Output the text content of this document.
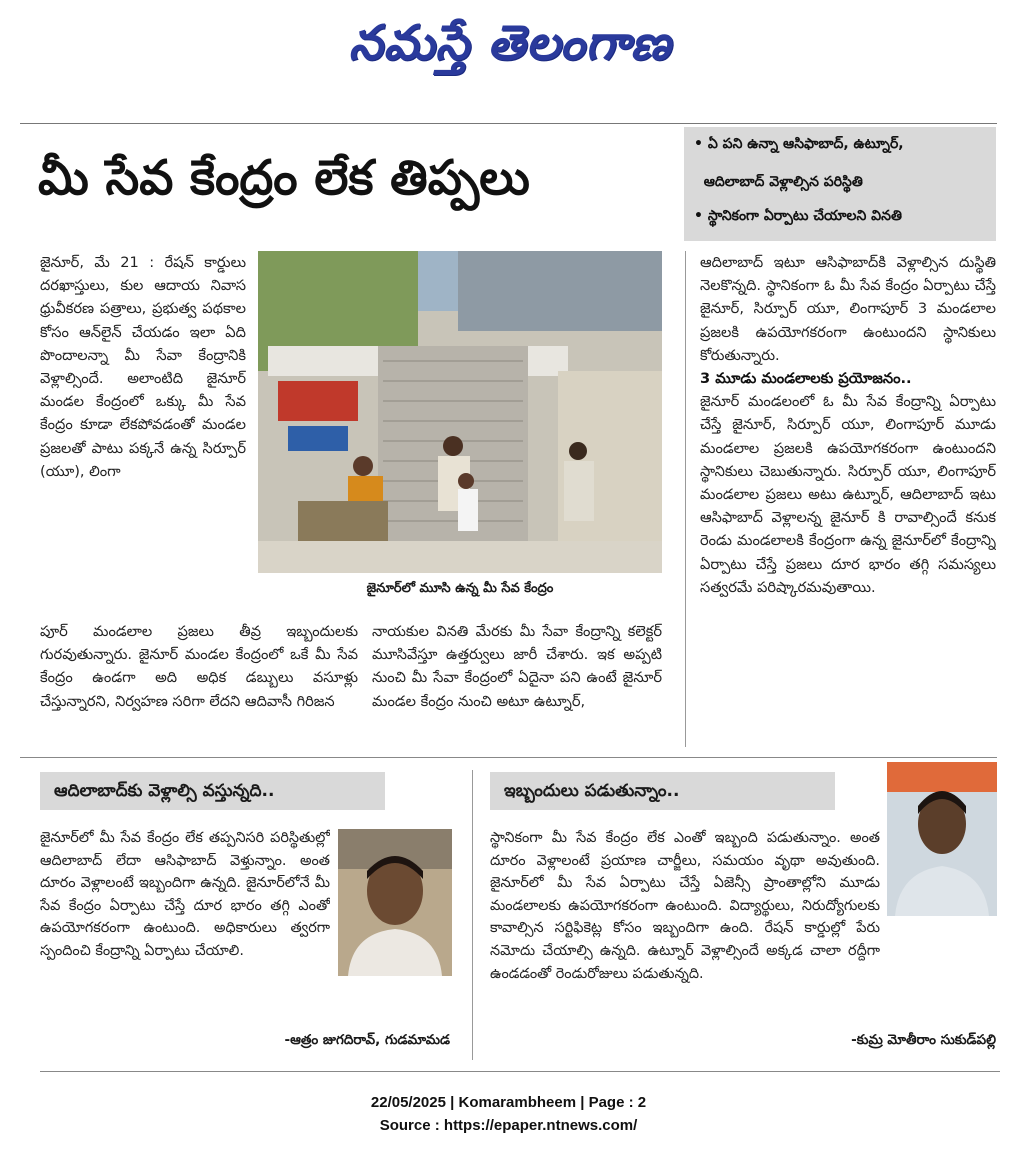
నమస్తే తెలంగాణ
మీ సేవ కేంద్రం లేక తిప్పలు
• ఏ పని ఉన్నా ఆసిఫాబాద్, ఉట్నూర్,
ఆదిలాబాద్ వెళ్లాల్సిన పరిస్థితి
• స్థానికంగా ఏర్పాటు చేయాలని వినతి
జైనూర్, మే 21 : రేషన్ కార్డులు దరఖాస్తులు, కుల ఆదాయ నివాస ధ్రువీకరణ పత్రాలు, ప్రభుత్వ పథకాల కోసం ఆన్‌లైన్ చేయడం ఇలా ఏది పొందాలన్నా మీ సేవా కేంద్రానికి వెళ్లాల్సిందే. అలాంటిది జైనూర్ మండల కేంద్రంలో ఒక్కు మీ సేవ కేంద్రం కూడా లేకపోవడంతో మండల ప్రజలతో పాటు పక్కనే ఉన్న సిర్పూర్ (యూ), లింగా
జైనూర్‌లో మూసి ఉన్న మీ సేవ కేంద్రం
పూర్ మండలాల ప్రజలు తీవ్ర ఇబ్బందులకు గురవుతున్నారు. జైనూర్ మండల కేంద్రంలో ఒకే మీ సేవ కేంద్రం ఉండగా అది అధిక డబ్బులు వసూళ్లు చేస్తున్నారని, నిర్వహణ సరిగా లేదని ఆదివాసీ గిరిజన
నాయకుల వినతి మేరకు మీ సేవా కేంద్రాన్ని కలెక్టర్ మూసివేస్తూ ఉత్తర్వులు జారీ చేశారు. ఇక అప్పటి నుంచి మీ సేవా కేంద్రంలో ఏదైనా పని ఉంటే జైనూర్ మండల కేంద్రం నుంచి అటూ ఉట్నూర్,
ఆదిలాబాద్ ఇటూ ఆసిఫాబాద్‌కి వెళ్లాల్సిన దుస్థితి నెలకొన్నది. స్థానికంగా ఓ మీ సేవ కేంద్రం ఏర్పాటు చేస్తే జైనూర్, సిర్పూర్ యూ, లింగాపూర్ 3 మండలాల ప్రజలకి ఉపయోగకరంగా ఉంటుందని స్థానికులు కోరుతున్నారు.
3 మూడు మండలాలకు ప్రయోజనం..
జైనూర్ మండలంలో ఓ మీ సేవ కేంద్రాన్ని ఏర్పాటు చేస్తే జైనూర్, సిర్పూర్ యూ, లింగాపూర్ మూడు మండలాల ప్రజలకి ఉపయోగకరంగా ఉంటుందని స్థానికులు చెబుతున్నారు. సిర్పూర్ యూ, లింగాపూర్ మండలాల ప్రజలు అటు ఉట్నూర్, ఆదిలాబాద్ ఇటు ఆసిఫాబాద్ వెళ్లాలన్న జైనూర్ కి రావాల్సిందే కనుక రెండు మండలాలకి కేంద్రంగా ఉన్న జైనూర్‌లో కేంద్రాన్ని ఏర్పాటు చేస్తే ప్రజలు దూర భారం తగ్గి సమస్యలు సత్వరమే పరిష్కారమవుతాయి.
ఆదిలాబాద్‌కు వెళ్లాల్సి వస్తున్నది..
జైనూర్‌లో మీ సేవ కేంద్రం లేక తప్పనిసరి పరిస్థితుల్లో ఆదిలాబాద్ లేదా ఆసిఫాబాద్ వెళ్తున్నాం. అంత దూరం వెళ్లాలంటే ఇబ్బందిగా ఉన్నది. జైనూర్‌లోనే మీ సేవ కేంద్రం ఏర్పాటు చేస్తే దూర భారం తగ్గి ఎంతో ఉపయోగకరంగా ఉంటుంది. అధికారులు త్వరగా స్పందించి కేంద్రాన్ని ఏర్పాటు చేయాలి.
-ఆత్రం జుగదిరావ్, గుడమామడ
ఇబ్బందులు పడుతున్నాం..
స్థానికంగా మీ సేవ కేంద్రం లేక ఎంతో ఇబ్బంది పడుతున్నాం. అంత దూరం వెళ్లాలంటే ప్రయాణ చార్జీలు, సమయం వృథా అవుతుంది. జైనూర్‌లో మీ సేవ ఏర్పాటు చేస్తే ఏజెన్సీ ప్రాంతాల్లోని మూడు మండలాలకు ఉపయోగకరంగా ఉంటుంది. విద్యార్థులు, నిరుద్యోగులకు కావాల్సిన సర్టిఫికెట్ల కోసం ఇబ్బందిగా ఉంది. రేషన్ కార్డుల్లో పేరు నమోదు చేయాల్సి ఉన్నది. ఉట్నూర్ వెళ్లాల్సిందే అక్కడ చాలా రద్దీగా ఉండడంతో రెండురోజులు పడుతున్నది.
-కుమ్ర మోతీరాం సుకుడ్‌పల్లి
22/05/2025 | Komarambheem | Page : 2
Source : https://epaper.ntnews.com/
